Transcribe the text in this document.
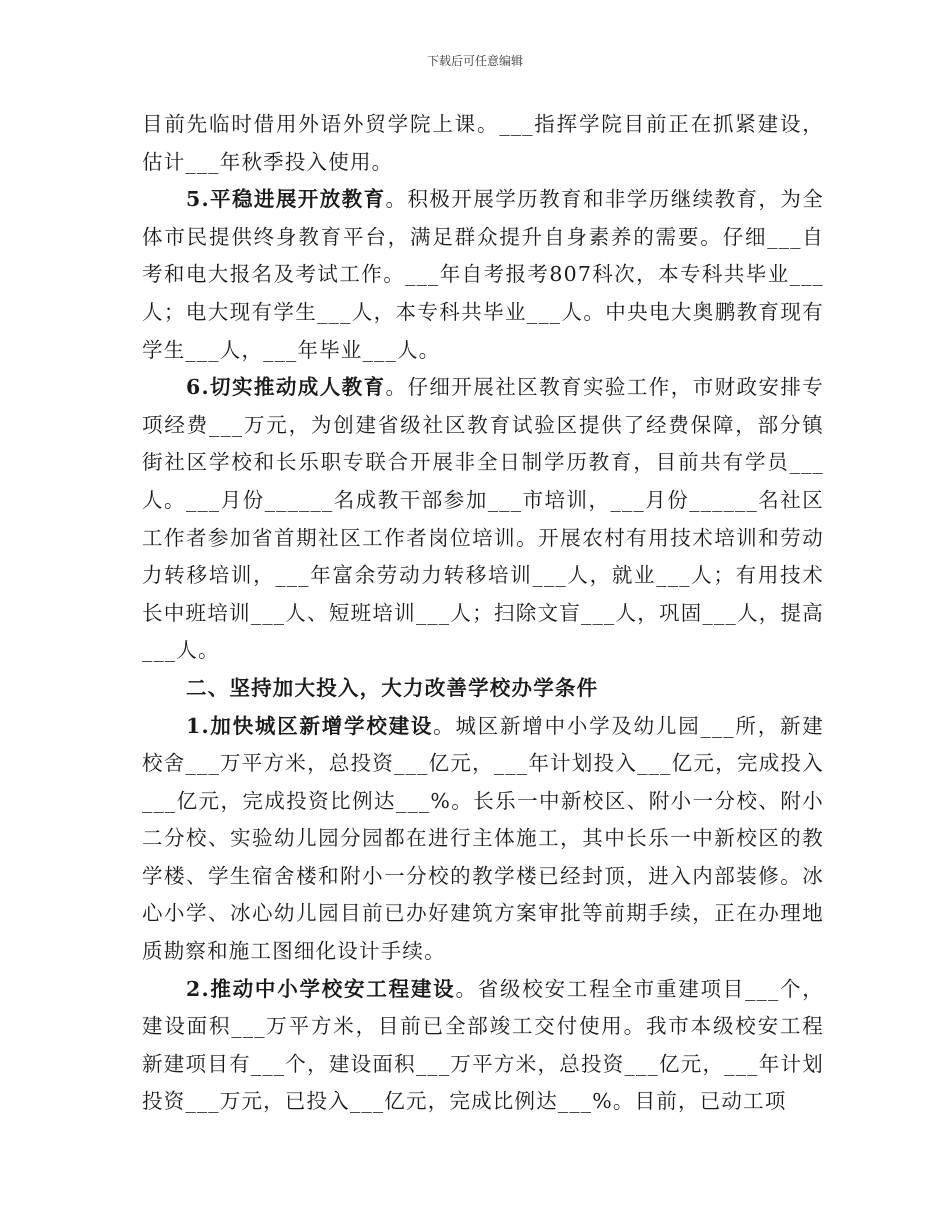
下载后可任意编辑

目前先临时借用外语外贸学院上课。___指挥学院目前正在抓紧建设，估计___年秋季投入使用。

5.平稳进展开放教育。积极开展学历教育和非学历继续教育，为全体市民提供终身教育平台，满足群众提升自身素养的需要。仔细___自考和电大报名及考试工作。___年自考报考807科次，本专科共毕业___人；电大现有学生___人，本专科共毕业___人。中央电大奥鹏教育现有学生___人，___年毕业___人。

6.切实推动成人教育。仔细开展社区教育实验工作，市财政安排专项经费___万元，为创建省级社区教育试验区提供了经费保障，部分镇街社区学校和长乐职专联合开展非全日制学历教育，目前共有学员___人。___月份______名成教干部参加___市培训，___月份______名社区工作者参加省首期社区工作者岗位培训。开展农村有用技术培训和劳动力转移培训，___年富余劳动力转移培训___人，就业___人；有用技术长中班培训___人、短班培训___人；扫除文盲___人，巩固___人，提高___人。

二、坚持加大投入，大力改善学校办学条件

1.加快城区新增学校建设。城区新增中小学及幼儿园___所，新建校舍___万平方米，总投资___亿元，___年计划投入___亿元，完成投入___亿元，完成投资比例达___%。长乐一中新校区、附小一分校、附小二分校、实验幼儿园分园都在进行主体施工，其中长乐一中新校区的教学楼、学生宿舍楼和附小一分校的教学楼已经封顶，进入内部装修。冰心小学、冰心幼儿园目前已办好建筑方案审批等前期手续，正在办理地质勘察和施工图细化设计手续。

2.推动中小学校安工程建设。省级校安工程全市重建项目___个，建设面积___万平方米，目前已全部竣工交付使用。我市本级校安工程新建项目有___个，建设面积___万平方米，总投资___亿元，___年计划投资___万元，已投入___亿元，完成比例达___%。目前，已动工项
